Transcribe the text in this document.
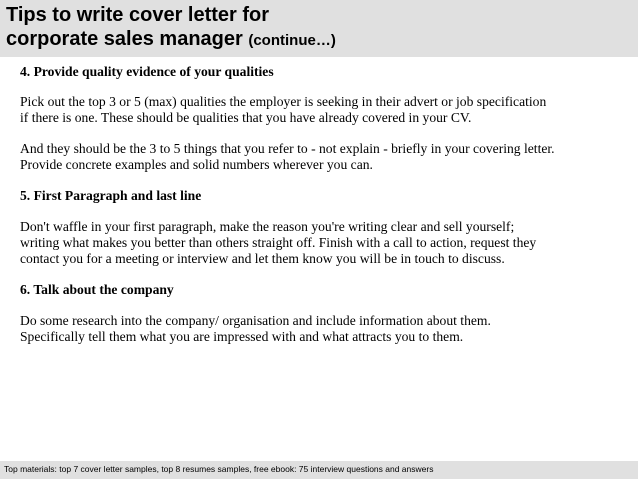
Tips to write cover letter for
corporate sales manager (continue…)

4. Provide quality evidence of your qualities

Pick out the top 3 or 5 (max) qualities the employer is seeking in their advert or job specification
if there is one. These should be qualities that you have already covered in your CV.

And they should be the 3 to 5 things that you refer to - not explain - briefly in your covering letter.
Provide concrete examples and solid numbers wherever you can.

5. First Paragraph and last line

Don't waffle in your first paragraph, make the reason you're writing clear and sell yourself;
writing what makes you better than others straight off. Finish with a call to action, request they
contact you for a meeting or interview and let them know you will be in touch to discuss.

6. Talk about the company

Do some research into the company/ organisation and include information about them.
Specifically tell them what you are impressed with and what attracts you to them.

Top materials: top 7 cover letter samples, top 8 resumes samples, free ebook: 75 interview questions and answers
